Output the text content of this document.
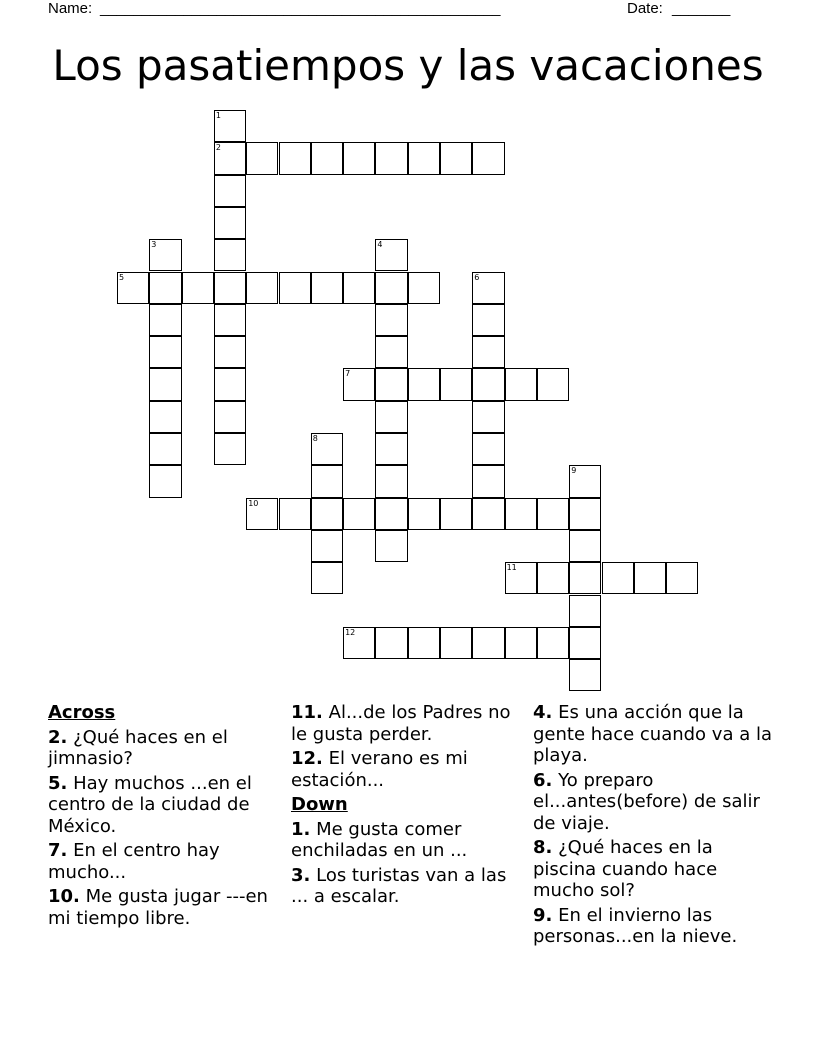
Name: ________________________________________________	Date: _______
Los pasatiempos y las vacaciones
1
2
3	4
5	6
7
8
9
10
11
12
Across
2. ¿Qué haces en el jimnasio?
5. Hay muchos ...en el centro de la ciudad de México.
7. En el centro hay mucho...
10. Me gusta jugar ---en mi tiempo libre.
11. Al...de los Padres no le gusta perder.
12. El verano es mi estación...
Down
1. Me gusta comer enchiladas en un ...
3. Los turistas van a las ... a escalar.
4. Es una acción que la gente hace cuando va a la playa.
6. Yo preparo el...antes(before) de salir de viaje.
8. ¿Qué haces en la piscina cuando hace mucho sol?
9. En el invierno las personas...en la nieve.
